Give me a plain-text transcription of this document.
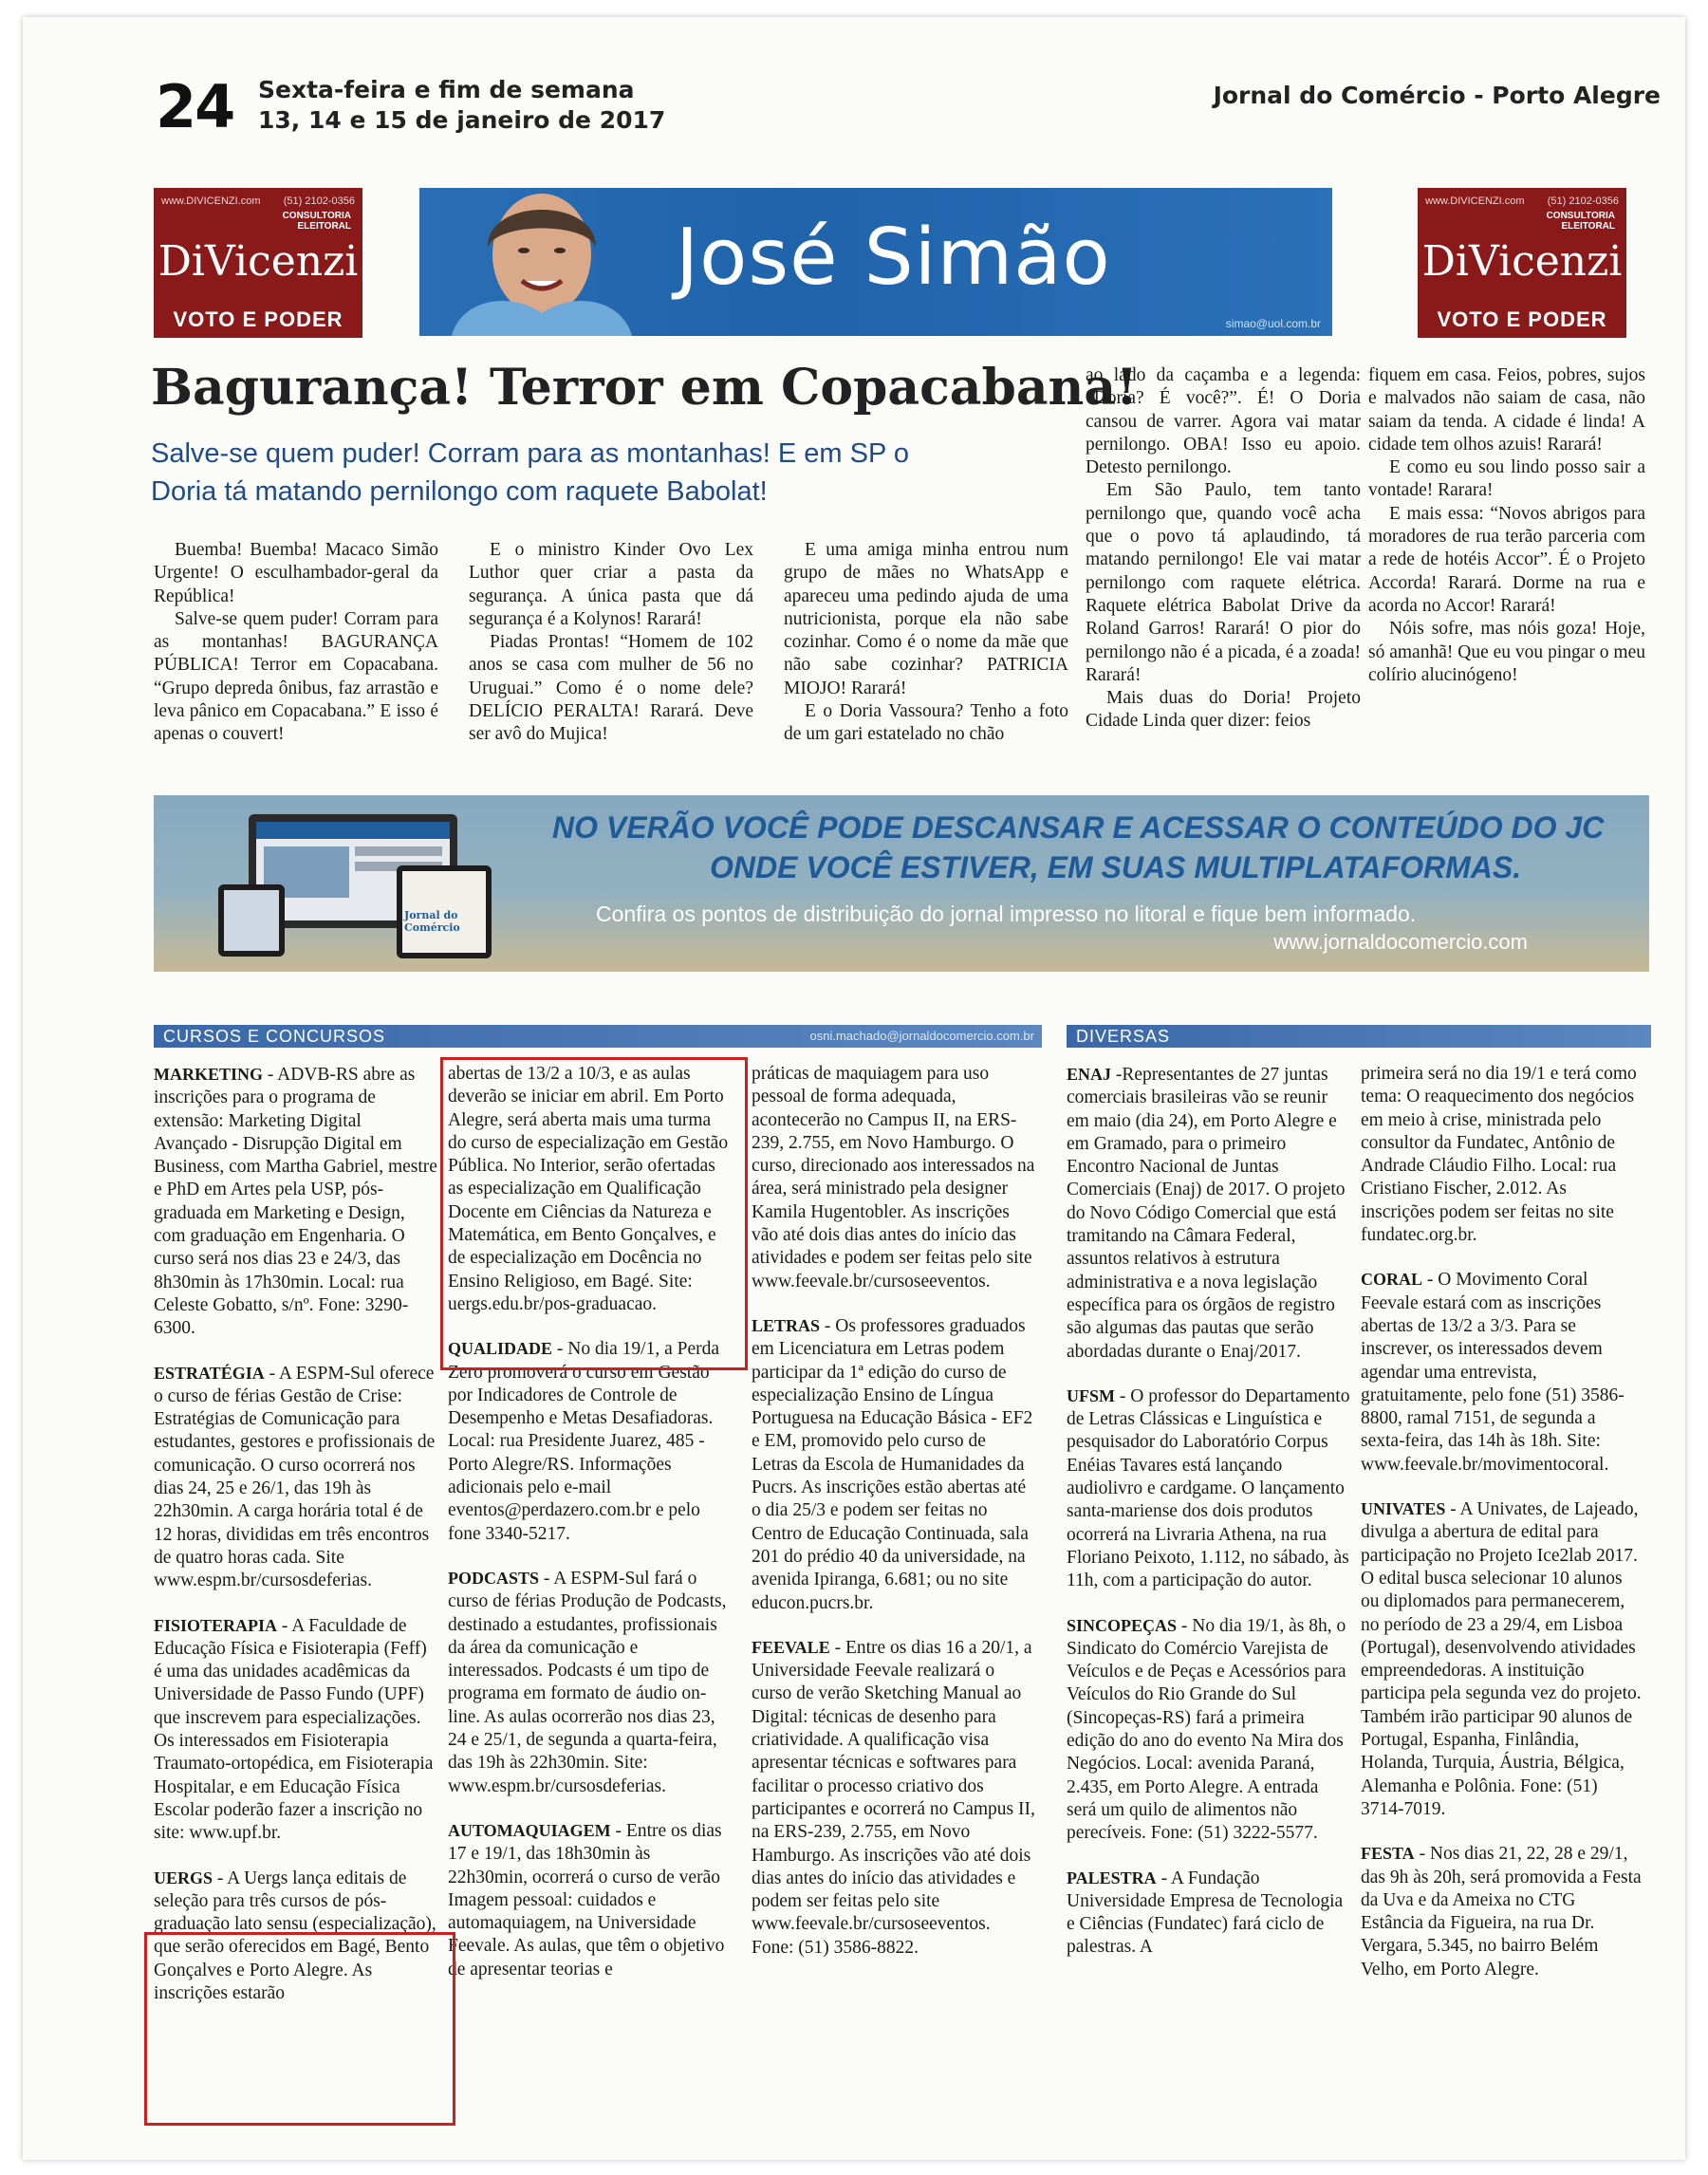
24 Sexta-feira e fim de semana
13, 14 e 15 de janeiro de 2017
Jornal do Comércio - Porto Alegre
www.DIVICENZI.com (51) 2102-0356
CONSULTORIA ELEITORAL
DiVicenzi
VOTO E PODER
José Simão
simao@uol.com.br
www.DIVICENZI.com (51) 2102-0356
CONSULTORIA ELEITORAL
DiVicenzi
VOTO E PODER
Bagurança! Terror em Copacabana!
Salve-se quem puder! Corram para as montanhas! E em SP o Doria tá matando pernilongo com raquete Babolat!

Buemba! Buemba! Macaco Simão Urgente! O esculhambador-geral da República!

Salve-se quem puder! Corram para as montanhas! BAGURANÇA PÚBLICA! Terror em Copacabana. “Grupo depreda ônibus, faz arrastão e leva pânico em Copacabana.” E isso é apenas o couvert!

E o ministro Kinder Ovo Lex Luthor quer criar a pasta da segurança. A única pasta que dá segurança é a Kolynos! Rarará!

Piadas Prontas! “Homem de 102 anos se casa com mulher de 56 no Uruguai.” Como é o nome dele? DELÍCIO PERALTA! Rarará. Deve ser avô do Mujica!

E uma amiga minha entrou num grupo de mães no WhatsApp e apareceu uma pedindo ajuda de uma nutricionista, porque ela não sabe cozinhar. Como é o nome da mãe que não sabe cozinhar? PATRICIA MIOJO! Rarará!

E o Doria Vassoura? Tenho a foto de um gari estatelado no chão

ao lado da caçamba e a legenda: “Doria? É você?”. É! O Doria cansou de varrer. Agora vai matar pernilongo. OBA! Isso eu apoio. Detesto pernilongo.

Em São Paulo, tem tanto pernilongo que, quando você acha que o povo tá aplaudindo, tá matando pernilongo! Ele vai matar pernilongo com raquete elétrica. Raquete elétrica Babolat Drive da Roland Garros! Rarará! O pior do pernilongo não é a picada, é a zoada! Rarará!

Mais duas do Doria! Projeto Cidade Linda quer dizer: feios

fiquem em casa. Feios, pobres, sujos e malvados não saiam de casa, não saiam da tenda. A cidade é linda! A cidade tem olhos azuis! Rarará!

E como eu sou lindo posso sair a vontade! Rarara!

E mais essa: “Novos abrigos para moradores de rua terão parceria com a rede de hotéis Accor”. É o Projeto Accorda! Rarará. Dorme na rua e acorda no Accor! Rarará!

Nóis sofre, mas nóis goza! Hoje, só amanhã! Que eu vou pingar o meu colírio alucinógeno!

Jornal do Comércio
NO VERÃO VOCÊ PODE DESCANSAR E ACESSAR O CONTEÚDO DO JC
ONDE VOCÊ ESTIVER, EM SUAS MULTIPLATAFORMAS.
Confira os pontos de distribuição do jornal impresso no litoral e fique bem informado.
www.jornaldocomercio.com
CURSOS E CONCURSOS	osni.machado@jornaldocomercio.com.br	DIVERSAS
MARKETING - ADVB-RS abre as inscrições para o programa de extensão: Marketing Digital Avançado - Disrupção Digital em Business, com Martha Gabriel, mestre e PhD em Artes pela USP, pós-graduada em Marketing e Design, com graduação em Engenharia. O curso será nos dias 23 e 24/3, das 8h30min às 17h30min. Local: rua Celeste Gobatto, s/nº. Fone: 3290-6300.
ESTRATÉGIA - A ESPM-Sul oferece o curso de férias Gestão de Crise: Estratégias de Comunicação para estudantes, gestores e profissionais de comunicação. O curso ocorrerá nos dias 24, 25 e 26/1, das 19h às 22h30min. A carga horária total é de 12 horas, divididas em três encontros de quatro horas cada. Site www.espm.br/cursosdeferias.
FISIOTERAPIA - A Faculdade de Educação Física e Fisioterapia (Feff) é uma das unidades acadêmicas da Universidade de Passo Fundo (UPF) que inscrevem para especializações. Os interessados em Fisioterapia Traumato-ortopédica, em Fisioterapia Hospitalar, e em Educação Física Escolar poderão fazer a inscrição no site: www.upf.br.
UERGS - A Uergs lança editais de seleção para três cursos de pós-graduação lato sensu (especialização), que serão oferecidos em Bagé, Bento Gonçalves e Porto Alegre. As inscrições estarão
abertas de 13/2 a 10/3, e as aulas deverão se iniciar em abril. Em Porto Alegre, será aberta mais uma turma do curso de especialização em Gestão Pública. No Interior, serão ofertadas as especialização em Qualificação Docente em Ciências da Natureza e Matemática, em Bento Gonçalves, e de especialização em Docência no Ensino Religioso, em Bagé. Site: uergs.edu.br/pos-graduacao.
QUALIDADE - No dia 19/1, a Perda Zero promoverá o curso em Gestão por Indicadores de Controle de Desempenho e Metas Desafiadoras. Local: rua Presidente Juarez, 485 - Porto Alegre/RS. Informações adicionais pelo e-mail eventos@perdazero.com.br e pelo fone 3340-5217.
PODCASTS - A ESPM-Sul fará o curso de férias Produção de Podcasts, destinado a estudantes, profissionais da área da comunicação e interessados. Podcasts é um tipo de programa em formato de áudio on-line. As aulas ocorrerão nos dias 23, 24 e 25/1, de segunda a quarta-feira, das 19h às 22h30min. Site: www.espm.br/cursosdeferias.
AUTOMAQUIAGEM - Entre os dias 17 e 19/1, das 18h30min às 22h30min, ocorrerá o curso de verão Imagem pessoal: cuidados e automaquiagem, na Universidade Feevale. As aulas, que têm o objetivo de apresentar teorias e
práticas de maquiagem para uso pessoal de forma adequada, acontecerão no Campus II, na ERS-239, 2.755, em Novo Hamburgo. O curso, direcionado aos interessados na área, será ministrado pela designer Kamila Hugentobler. As inscrições vão até dois dias antes do início das atividades e podem ser feitas pelo site www.feevale.br/cursoseeventos.
LETRAS - Os professores graduados em Licenciatura em Letras podem participar da 1ª edição do curso de especialização Ensino de Língua Portuguesa na Educação Básica - EF2 e EM, promovido pelo curso de Letras da Escola de Humanidades da Pucrs. As inscrições estão abertas até o dia 25/3 e podem ser feitas no Centro de Educação Continuada, sala 201 do prédio 40 da universidade, na avenida Ipiranga, 6.681; ou no site educon.pucrs.br.
FEEVALE - Entre os dias 16 a 20/1, a Universidade Feevale realizará o curso de verão Sketching Manual ao Digital: técnicas de desenho para criatividade. A qualificação visa apresentar técnicas e softwares para facilitar o processo criativo dos participantes e ocorrerá no Campus II, na ERS-239, 2.755, em Novo Hamburgo. As inscrições vão até dois dias antes do início das atividades e podem ser feitas pelo site www.feevale.br/cursoseeventos. Fone: (51) 3586-8822.
ENAJ -Representantes de 27 juntas comerciais brasileiras vão se reunir em maio (dia 24), em Porto Alegre e em Gramado, para o primeiro Encontro Nacional de Juntas Comerciais (Enaj) de 2017. O projeto do Novo Código Comercial que está tramitando na Câmara Federal, assuntos relativos à estrutura administrativa e a nova legislação específica para os órgãos de registro são algumas das pautas que serão abordadas durante o Enaj/2017.
UFSM - O professor do Departamento de Letras Clássicas e Linguística e pesquisador do Laboratório Corpus Enéias Tavares está lançando audiolivro e cardgame. O lançamento santa-mariense dos dois produtos ocorrerá na Livraria Athena, na rua Floriano Peixoto, 1.112, no sábado, às 11h, com a participação do autor.
SINCOPEÇAS - No dia 19/1, às 8h, o Sindicato do Comércio Varejista de Veículos e de Peças e Acessórios para Veículos do Rio Grande do Sul (Sincopeças-RS) fará a primeira edição do ano do evento Na Mira dos Negócios. Local: avenida Paraná, 2.435, em Porto Alegre. A entrada será um quilo de alimentos não perecíveis. Fone: (51) 3222-5577.
PALESTRA - A Fundação Universidade Empresa de Tecnologia e Ciências (Fundatec) fará ciclo de palestras. A
primeira será no dia 19/1 e terá como tema: O reaquecimento dos negócios em meio à crise, ministrada pelo consultor da Fundatec, Antônio de Andrade Cláudio Filho. Local: rua Cristiano Fischer, 2.012. As inscrições podem ser feitas no site fundatec.org.br.
CORAL - O Movimento Coral Feevale estará com as inscrições abertas de 13/2 a 3/3. Para se inscrever, os interessados devem agendar uma entrevista, gratuitamente, pelo fone (51) 3586-8800, ramal 7151, de segunda a sexta-feira, das 14h às 18h. Site: www.feevale.br/movimentocoral.
UNIVATES - A Univates, de Lajeado, divulga a abertura de edital para participação no Projeto Ice2lab 2017. O edital busca selecionar 10 alunos ou diplomados para permanecerem, no período de 23 a 29/4, em Lisboa (Portugal), desenvolvendo atividades empreendedoras. A instituição participa pela segunda vez do projeto. Também irão participar 90 alunos de Portugal, Espanha, Finlândia, Holanda, Turquia, Áustria, Bélgica, Alemanha e Polônia. Fone: (51) 3714-7019.
FESTA - Nos dias 21, 22, 28 e 29/1, das 9h às 20h, será promovida a Festa da Uva e da Ameixa no CTG Estância da Figueira, na rua Dr. Vergara, 5.345, no bairro Belém Velho, em Porto Alegre.
